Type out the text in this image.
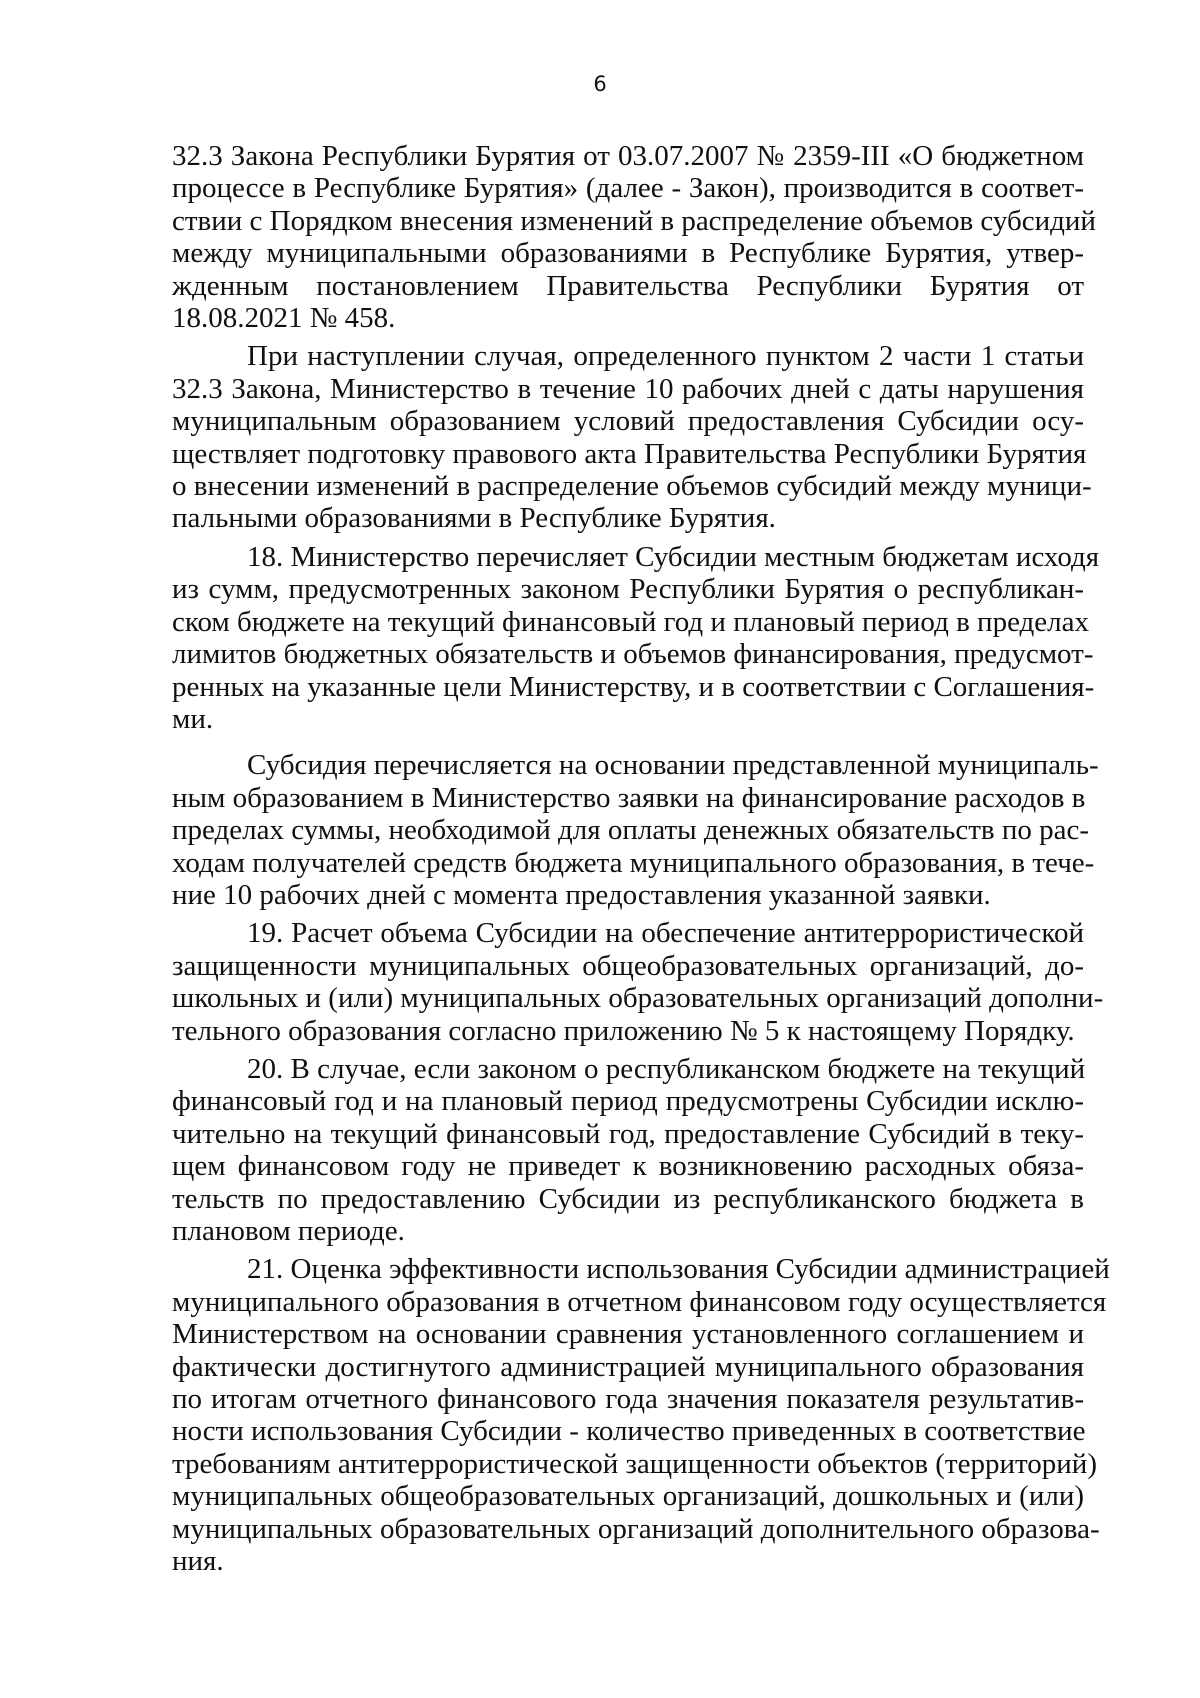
6
32.3 Закона Республики Бурятия от 03.07.2007 № 2359-III «О бюджетном
процессе в Республике Бурятия» (далее - Закон), производится в соответ-
ствии с Порядком внесения изменений в распределение объемов субсидий
между муниципальными образованиями в Республике Бурятия, утвер-
жденным постановлением Правительства Республики Бурятия от
18.08.2021 № 458.
При наступлении случая, определенного пунктом 2 части 1 статьи
32.3 Закона, Министерство в течение 10 рабочих дней с даты нарушения
муниципальным образованием условий предоставления Субсидии осу-
ществляет подготовку правового акта Правительства Республики Бурятия
о внесении изменений в распределение объемов субсидий между муници-
пальными образованиями в Республике Бурятия.
18. Министерство перечисляет Субсидии местным бюджетам исходя
из сумм, предусмотренных законом Республики Бурятия о республикан-
ском бюджете на текущий финансовый год и плановый период в пределах
лимитов бюджетных обязательств и объемов финансирования, предусмот-
ренных на указанные цели Министерству, и в соответствии с Соглашения-
ми.
Субсидия перечисляется на основании представленной муниципаль-
ным образованием в Министерство заявки на финансирование расходов в
пределах суммы, необходимой для оплаты денежных обязательств по рас-
ходам получателей средств бюджета муниципального образования, в тече-
ние 10 рабочих дней с момента предоставления указанной заявки.
19. Расчет объема Субсидии на обеспечение антитеррористической
защищенности муниципальных общеобразовательных организаций, до-
школьных и (или) муниципальных образовательных организаций дополни-
тельного образования согласно приложению № 5 к настоящему Порядку.
20. В случае, если законом о республиканском бюджете на текущий
финансовый год и на плановый период предусмотрены Субсидии исклю-
чительно на текущий финансовый год, предоставление Субсидий в теку-
щем финансовом году не приведет к возникновению расходных обяза-
тельств по предоставлению Субсидии из республиканского бюджета в
плановом периоде.
21. Оценка эффективности использования Субсидии администрацией
муниципального образования в отчетном финансовом году осуществляется
Министерством на основании сравнения установленного соглашением и
фактически достигнутого администрацией муниципального образования
по итогам отчетного финансового года значения показателя результатив-
ности использования Субсидии - количество приведенных в соответствие
требованиям антитеррористической защищенности объектов (территорий)
муниципальных общеобразовательных организаций, дошкольных и (или)
муниципальных образовательных организаций дополнительного образова-
ния.
